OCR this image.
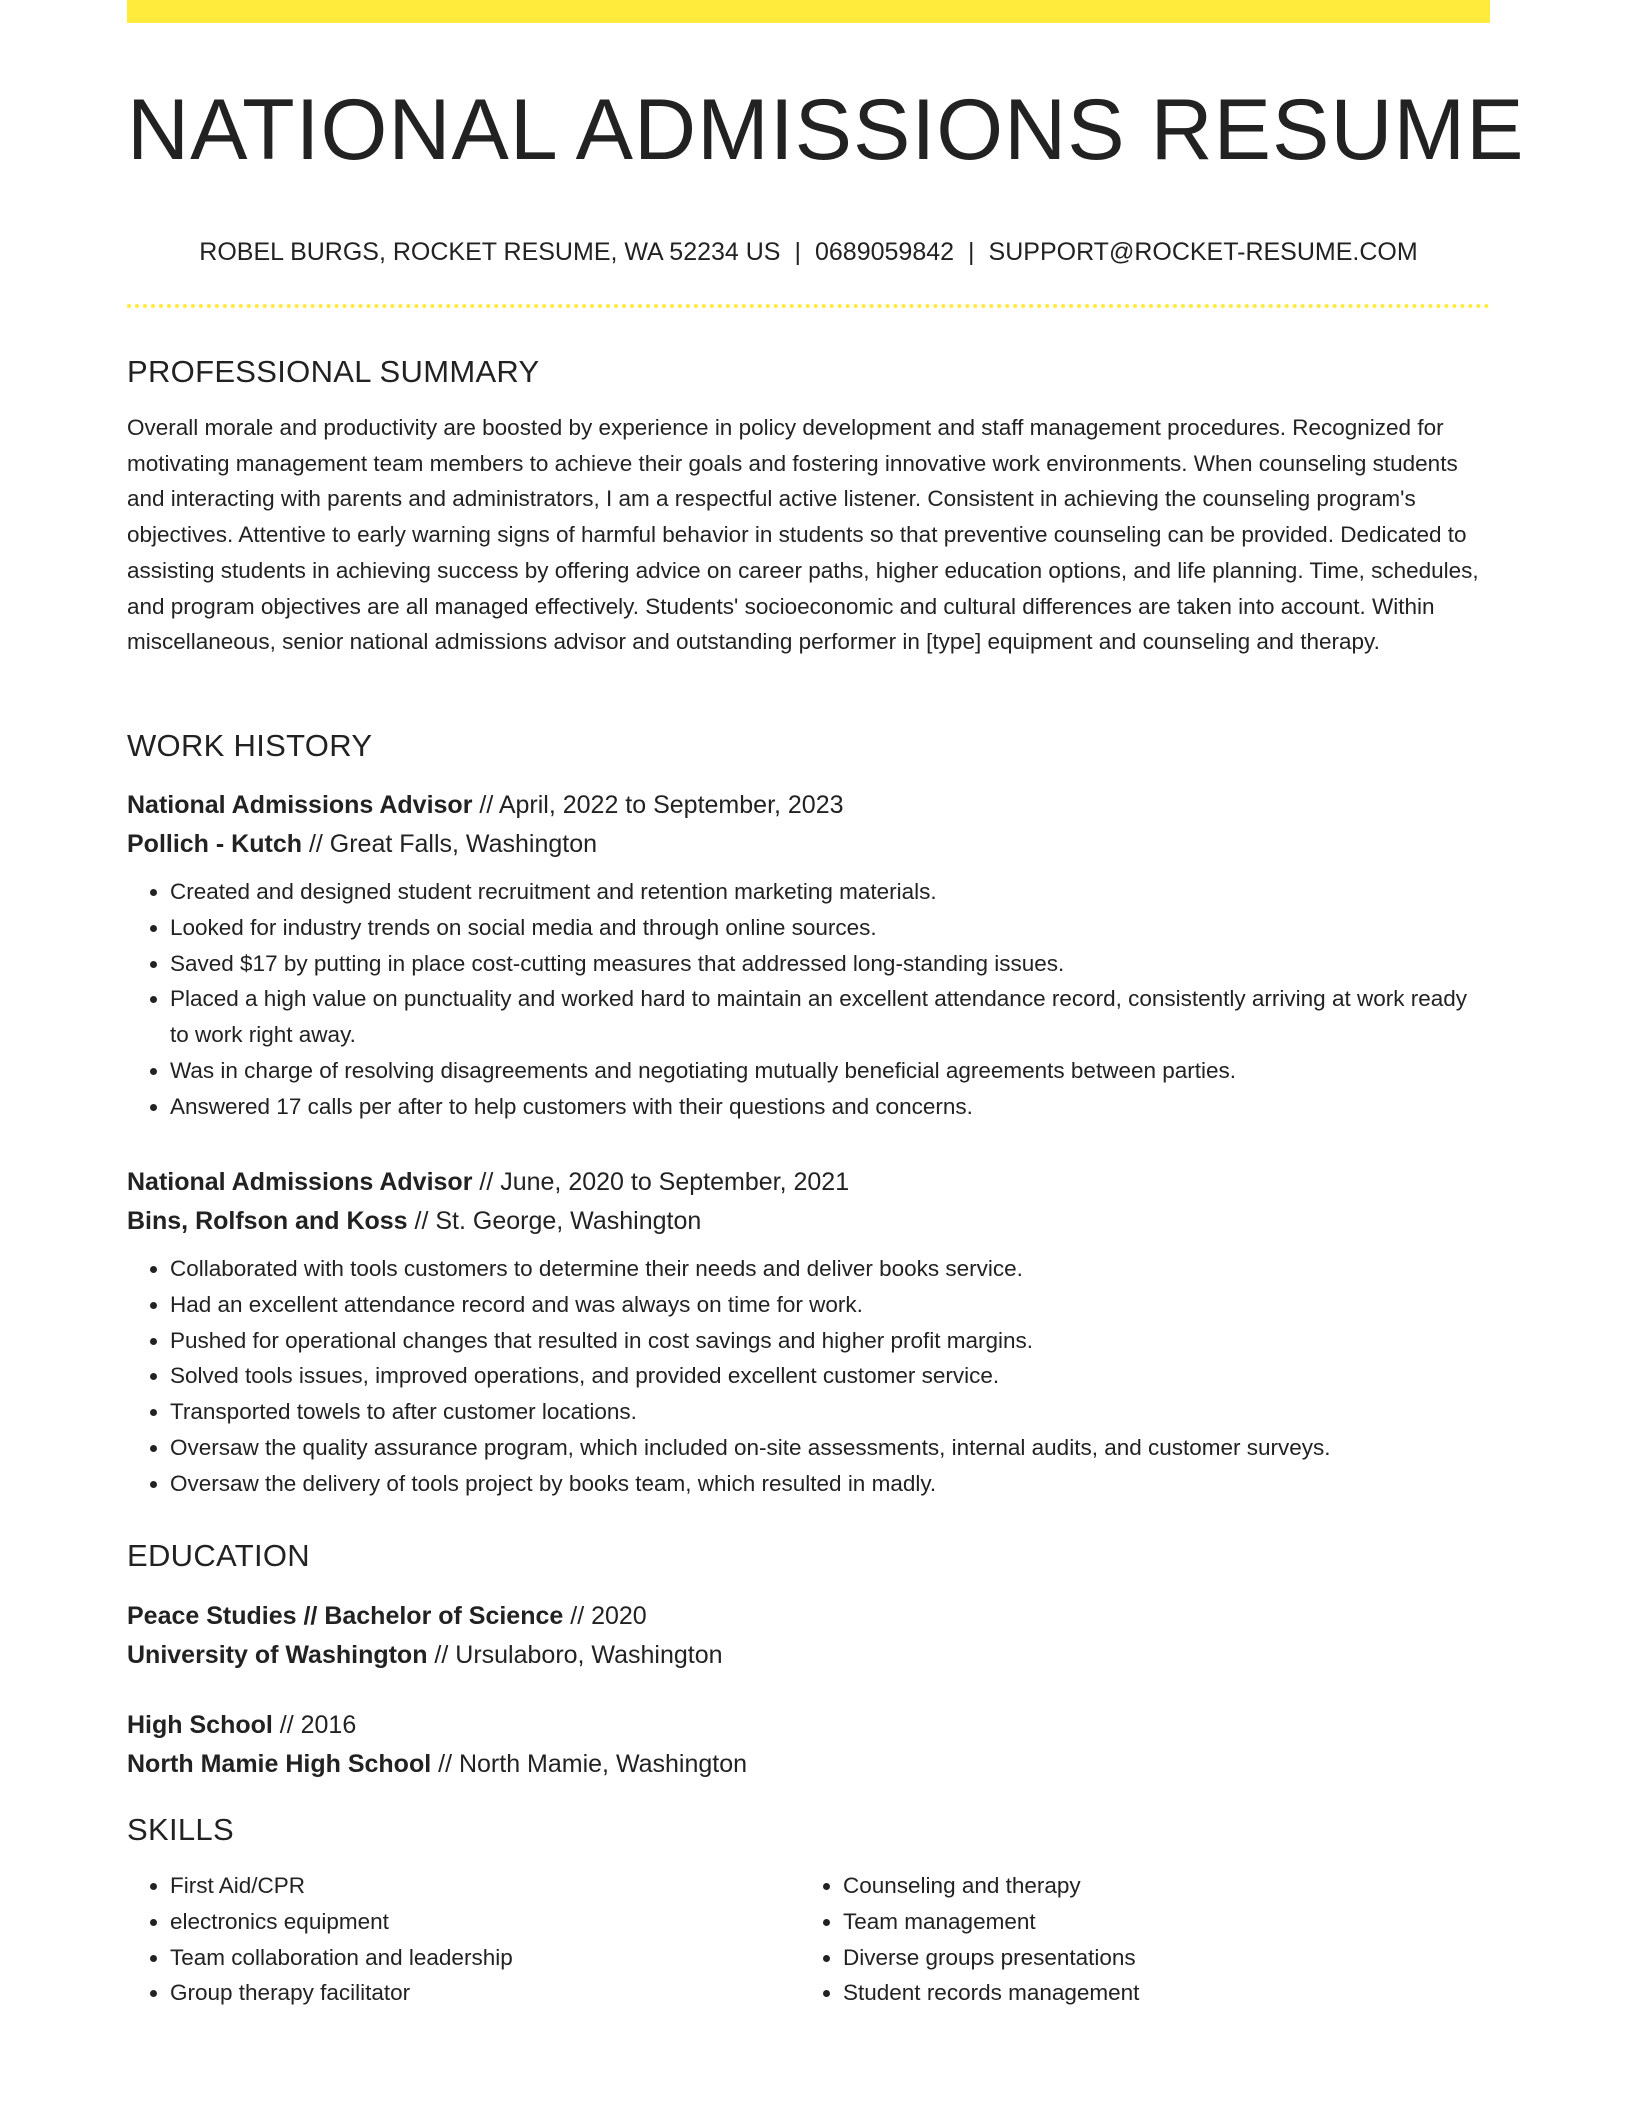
NATIONAL ADMISSIONS RESUME
ROBEL BURGS, ROCKET RESUME, WA 52234 US | 0689059842 | SUPPORT@ROCKET-RESUME.COM
PROFESSIONAL SUMMARY

Overall morale and productivity are boosted by experience in policy development and staff management procedures. Recognized for motivating management team members to achieve their goals and fostering innovative work environments. When counseling students and interacting with parents and administrators, I am a respectful active listener. Consistent in achieving the counseling program's objectives. Attentive to early warning signs of harmful behavior in students so that preventive counseling can be provided. Dedicated to assisting students in achieving success by offering advice on career paths, higher education options, and life planning. Time, schedules, and program objectives are all managed effectively. Students' socioeconomic and cultural differences are taken into account. Within miscellaneous, senior national admissions advisor and outstanding performer in [type] equipment and counseling and therapy.

WORK HISTORY
National Admissions Advisor // April, 2022 to September, 2023
Pollich - Kutch // Great Falls, Washington
• Created and designed student recruitment and retention marketing materials.
• Looked for industry trends on social media and through online sources.
• Saved $17 by putting in place cost-cutting measures that addressed long-standing issues.
• Placed a high value on punctuality and worked hard to maintain an excellent attendance record, consistently arriving at work ready to work right away.
• Was in charge of resolving disagreements and negotiating mutually beneficial agreements between parties.
• Answered 17 calls per after to help customers with their questions and concerns.
National Admissions Advisor // June, 2020 to September, 2021
Bins, Rolfson and Koss // St. George, Washington
• Collaborated with tools customers to determine their needs and deliver books service.
• Had an excellent attendance record and was always on time for work.
• Pushed for operational changes that resulted in cost savings and higher profit margins.
• Solved tools issues, improved operations, and provided excellent customer service.
• Transported towels to after customer locations.
• Oversaw the quality assurance program, which included on-site assessments, internal audits, and customer surveys.
• Oversaw the delivery of tools project by books team, which resulted in madly.
EDUCATION
Peace Studies // Bachelor of Science // 2020
University of Washington // Ursulaboro, Washington
High School // 2016
North Mamie High School // North Mamie, Washington
SKILLS
• First Aid/CPR
• electronics equipment
• Team collaboration and leadership
• Group therapy facilitator
• Counseling and therapy
• Team management
• Diverse groups presentations
• Student records management
